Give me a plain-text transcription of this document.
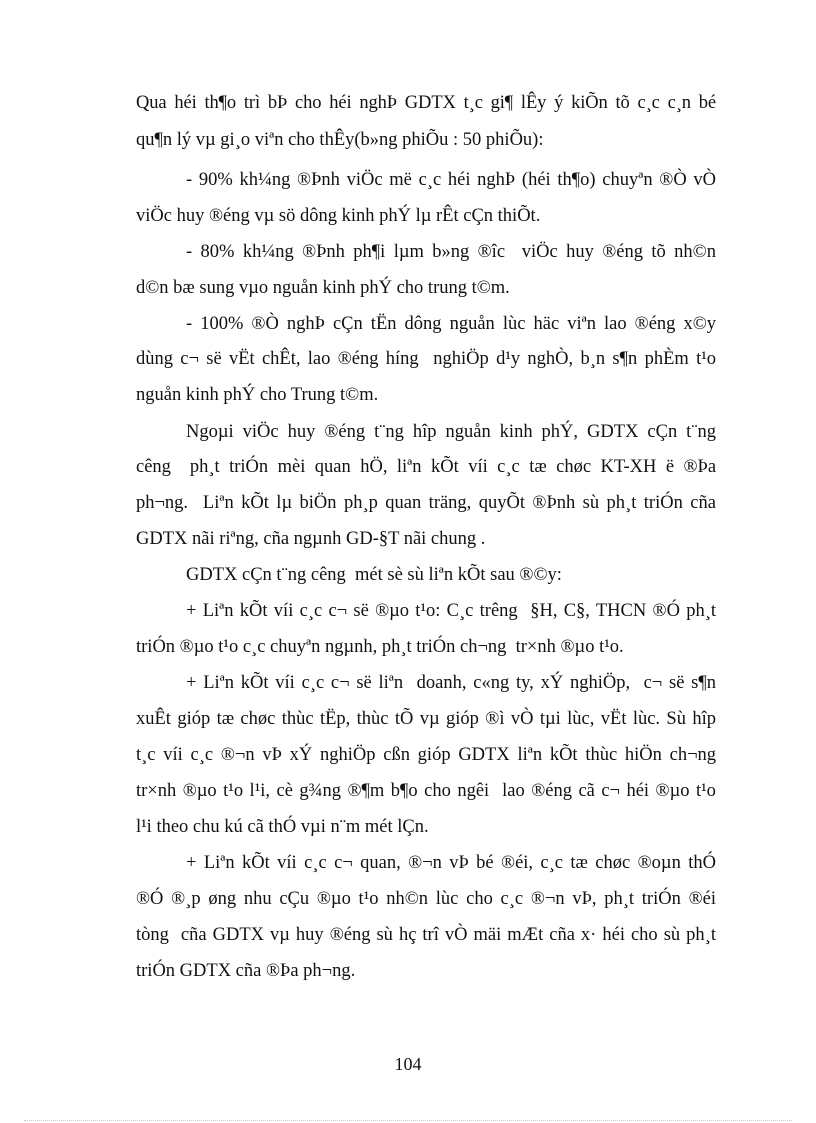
Qua héi th¶o trì bÞ cho héi nghÞ GDTX t¸c gi¶ lÊy ý kiÕn tõ c¸c c¸n bé
qu¶n lý vµ gi¸o viªn cho thÊy(b»ng phiÕu : 50 phiÕu):
- 90% kh¼ng ®Þnh viÖc më c¸c héi nghÞ (héi th¶o) chuyªn ®Ò vÒ
viÖc huy ®éng vµ sö dông kinh phÝ lµ rÊt cÇn thiÕt.
- 80% kh¼ng ®Þnh ph¶i lµm b»ng ®îc  viÖc huy ®éng tõ nh©n
d©n bæ sung vµo nguån kinh phÝ cho trung t©m.
- 100% ®Ò nghÞ cÇn tËn dông nguån lùc häc viªn lao ®éng x©y
dùng c¬ së vËt chÊt, lao ®éng híng  nghiÖp d¹y nghÒ, b¸n s¶n phÈm t¹o
nguån kinh phÝ cho Trung t©m.
Ngoµi viÖc huy ®éng t¨ng hîp nguån kinh phÝ, GDTX cÇn t¨ng
cêng  ph¸t triÓn mèi quan hÖ, liªn kÕt víi c¸c tæ chøc KT-XH ë ®Þa
ph¬ng.  Liªn kÕt lµ biÖn ph¸p quan träng, quyÕt ®Þnh sù ph¸t triÓn cña
GDTX nãi riªng, cña ngµnh GD-§T nãi chung .
GDTX cÇn t¨ng cêng  mét sè sù liªn kÕt sau ®©y:
+ Liªn kÕt víi c¸c c¬ së ®µo t¹o: C¸c trêng  §H, C§, THCN ®Ó ph¸t
triÓn ®µo t¹o c¸c chuyªn ngµnh, ph¸t triÓn ch¬ng  tr×nh ®µo t¹o.
+ Liªn kÕt víi c¸c c¬ së liªn  doanh, c«ng ty, xÝ nghiÖp,  c¬ së s¶n
xuÊt gióp tæ chøc thùc tËp, thùc tÕ vµ gióp ®ì vÒ tµi lùc, vËt lùc. Sù hîp
t¸c víi c¸c ®¬n vÞ xÝ nghiÖp cßn gióp GDTX liªn kÕt thùc hiÖn ch¬ng
tr×nh ®µo t¹o l¹i, cè g¾ng ®¶m b¶o cho ngêi  lao ®éng cã c¬ héi ®µo t¹o
l¹i theo chu kú cã thÓ vµi n¨m mét lÇn.
+ Liªn kÕt víi c¸c c¬ quan, ®¬n vÞ bé ®éi, c¸c tæ chøc ®oµn thÓ
®Ó ®¸p øng nhu cÇu ®µo t¹o nh©n lùc cho c¸c ®¬n vÞ, ph¸t triÓn ®éi
tòng  cña GDTX vµ huy ®éng sù hç trî vÒ mäi mÆt cña x· héi cho sù ph¸t
triÓn GDTX cña ®Þa ph¬ng.
104
